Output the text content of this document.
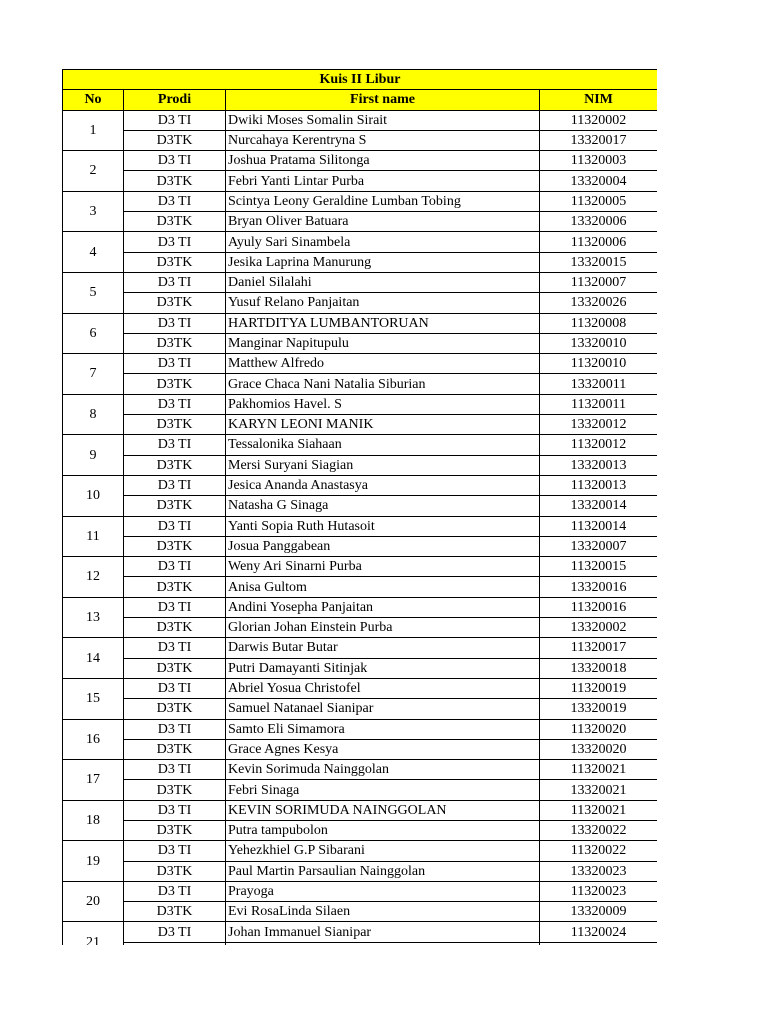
Kuis II Libur			
No	Prodi	First name	NIM
1	D3 TI	Dwiki Moses Somalin Sirait	11320002
	D3TK	Nurcahaya Kerentryna S	13320017
2	D3 TI	Joshua Pratama Silitonga	11320003
	D3TK	Febri Yanti Lintar Purba	13320004
3	D3 TI	Scintya Leony Geraldine Lumban Tobing	11320005
	D3TK	Bryan Oliver Batuara	13320006
4	D3 TI	Ayuly Sari Sinambela	11320006
	D3TK	Jesika Laprina Manurung	13320015
5	D3 TI	Daniel Silalahi	11320007
	D3TK	Yusuf Relano Panjaitan	13320026
6	D3 TI	HARTDITYA LUMBANTORUAN	11320008
	D3TK	Manginar Napitupulu	13320010
7	D3 TI	Matthew Alfredo	11320010
	D3TK	Grace Chaca Nani Natalia Siburian	13320011
8	D3 TI	Pakhomios Havel. S	11320011
	D3TK	KARYN LEONI MANIK	13320012
9	D3 TI	Tessalonika Siahaan	11320012
	D3TK	Mersi Suryani Siagian	13320013
10	D3 TI	Jesica Ananda Anastasya	11320013
	D3TK	Natasha G Sinaga	13320014
11	D3 TI	Yanti Sopia Ruth Hutasoit	11320014
	D3TK	Josua Panggabean	13320007
12	D3 TI	Weny Ari Sinarni Purba	11320015
	D3TK	Anisa Gultom	13320016
13	D3 TI	Andini Yosepha Panjaitan	11320016
	D3TK	Glorian Johan Einstein Purba	13320002
14	D3 TI	Darwis Butar Butar	11320017
	D3TK	Putri Damayanti Sitinjak	13320018
15	D3 TI	Abriel Yosua Christofel	11320019
	D3TK	Samuel Natanael Sianipar	13320019
16	D3 TI	Samto Eli Simamora	11320020
	D3TK	Grace Agnes Kesya	13320020
17	D3 TI	Kevin Sorimuda Nainggolan	11320021
	D3TK	Febri Sinaga	13320021
18	D3 TI	KEVIN SORIMUDA NAINGGOLAN	11320021
	D3TK	Putra tampubolon	13320022
19	D3 TI	Yehezkhiel G.P Sibarani	11320022
	D3TK	Paul Martin Parsaulian Nainggolan	13320023
20	D3 TI	Prayoga	11320023
	D3TK	Evi RosaLinda Silaen	13320009
21	D3 TI	Johan Immanuel Sianipar	11320024
